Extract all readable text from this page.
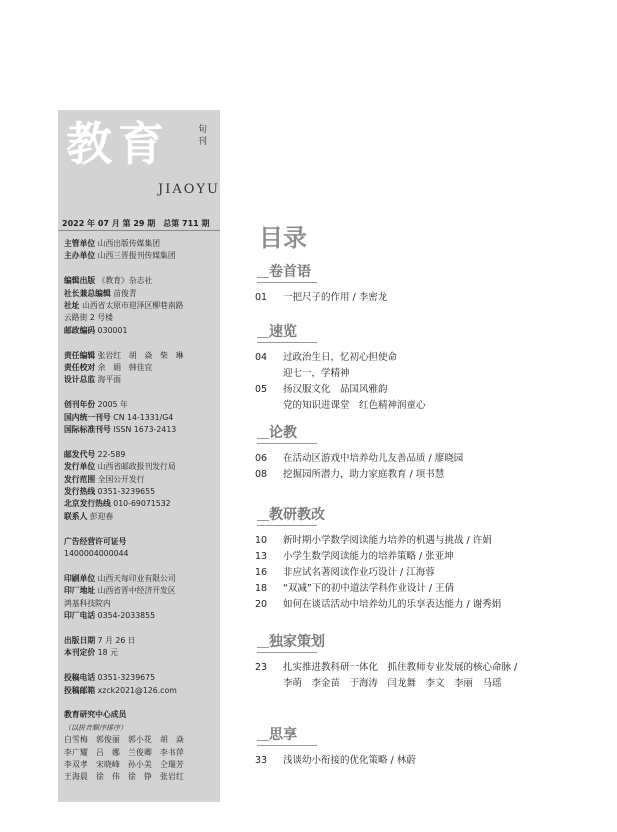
教育	旬刊
JIAOYU
2022 年 07 月 第 29 期　总第 711 期
主管单位 山西出版传媒集团
主办单位 山西三晋报刊传媒集团
编辑出版 《教育》杂志社
社长兼总编辑 苗俊青
社址 山西省太原市迎泽区柳巷南路
云路街 2 号楼
邮政编码 030001
责任编辑 张岩红　胡　焱　柴　琳
责任校对 余　娟　韩佳宜
设计总监 海平面
创刊年份 2005 年
国内统一刊号 CN 14-1331/G4
国际标准刊号 ISSN 1673-2413
邮发代号 22-589
发行单位 山西省邮政报刊发行局
发行范围 全国公开发行
发行热线 0351-3239655
北京发行热线 010-69071532
联系人 彭迎春
广告经营许可证号
1400004000044
印刷单位 山西天每印业有限公司
印厂地址 山西省晋中经济开发区
鸿基科技院内
印厂电话 0354-2033855
出版日期 7 月 26 日
本刊定价 18 元
投稿电话 0351-3239675
投稿邮箱 xzck2021@126.com
教育研究中心成员
（以拼音顺序排序）
白雪梅　郭俊丽　郭小花　胡　焱
李广耀　吕　娜　兰俊卿　李书萍
李双孝　宋晓峰　孙小美　仝瑞芳
王海晨　徐　伟　徐　铮　张岩红
目录
卷首语
01	一把尺子的作用 / 李密龙
速览
04	过政治生日，忆初心担使命
迎七一，学精神
05	扬汉服文化　品国风雅韵
党的知识进课堂　红色精神润童心
论教
06	在活动区游戏中培养幼儿友善品质 / 廖晓园
08	挖掘园所潜力，助力家庭教育 / 项书慧
教研教改
10	新时期小学数学阅读能力培养的机遇与挑战 / 许娟
13	小学生数学阅读能力的培养策略 / 张亚坤
16	非应试名著阅读作业巧设计 / 江海蓉
18	“双减”下的初中道法学科作业设计 / 王倩
20	如何在谈话活动中培养幼儿的乐享表达能力 / 谢秀娟
独家策划
23	扎实推进教科研一体化　抓住教师专业发展的核心命脉 /
李萌　李金苗　于海涛　闫龙舞　李文　李丽　马瑶
思享
33	浅谈幼小衔接的优化策略 / 林蔚
